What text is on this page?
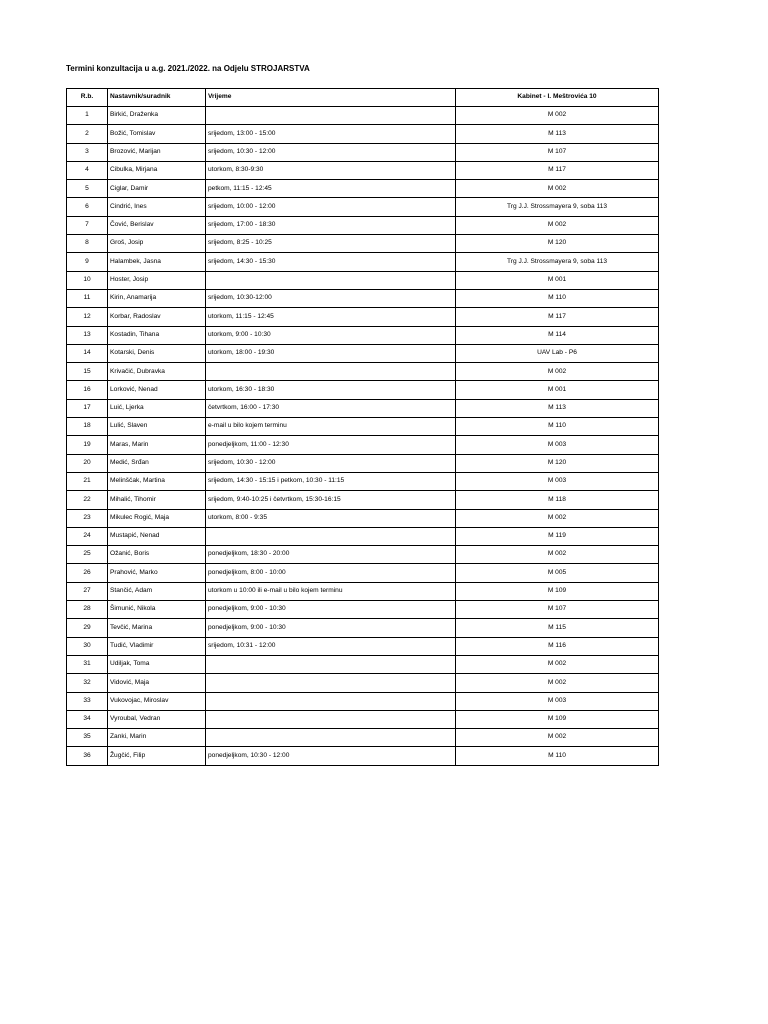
Termini konzultacija u a.g. 2021./2022. na Odjelu STROJARSTVA
R.b.	Nastavnik/suradnik	Vrijeme	Kabinet - I. Meštrovića 10
1	Birkić, Draženka		M 002
2	Božić, Tomislav	srijedom, 13:00 - 15:00	M 113
3	Brozović, Marijan	srijedom, 10:30 - 12:00	M 107
4	Cibulka, Mirjana	utorkom, 8:30-9:30	M 117
5	Ciglar, Damir	petkom, 11:15 - 12:45	M 002
6	Cindrić, Ines	srijedom, 10:00 - 12:00	Trg J.J. Strossmayera 9, soba 113
7	Čović, Berislav	srijedom, 17:00 - 18:30	M 002
8	Groš, Josip	srijedom, 8:25 - 10:25	M 120
9	Halambek, Jasna	srijedom, 14:30 - 15:30	Trg J.J. Strossmayera 9, soba 113
10	Hoster, Josip		M 001
11	Kirin, Anamarija	srijedom, 10:30-12:00	M 110
12	Korbar, Radoslav	utorkom, 11:15 - 12:45	M 117
13	Kostadin, Tihana	utorkom, 9:00 - 10:30	M 114
14	Kotarski, Denis	utorkom, 18:00 - 19:30	UAV Lab - P6
15	Krivačić, Dubravka		M 002
16	Lorković, Nenad	utorkom, 16:30 - 18:30	M 001
17	Luić, Ljerka	četvrtkom, 16:00 - 17:30	M 113
18	Lulić, Slaven	e-mail u bilo kojem terminu	M 110
19	Maras, Marin	ponedjeljkom, 11:00 - 12:30	M 003
20	Medić, Srđan	srijedom, 10:30 - 12:00	M 120
21	Melinščak, Martina	srijedom, 14:30 - 15:15 i petkom, 10:30 - 11:15	M 003
22	Mihalić, Tihomir	srijedom, 9:40-10:25 i četvrtkom, 15:30-16:15	M 118
23	Mikulec Rogić, Maja	utorkom, 8:00 - 9:35	M 002
24	Mustapić, Nenad		M 119
25	Ožanić, Boris	ponedjeljkom, 18:30 - 20:00	M 002
26	Prahović, Marko	ponedjeljkom, 8:00 - 10:00	M 005
27	Stančić, Adam	utorkom u 10:00 ili e-mail u bilo kojem terminu	M 109
28	Šimunić, Nikola	ponedjeljkom, 9:00 - 10:30	M 107
29	Tevčić, Marina	ponedjeljkom, 9:00 - 10:30	M 115
30	Tudić, Vladimir	srijedom, 10:31 - 12:00	M 116
31	Udiljak, Toma		M 002
32	Vidović, Maja		M 002
33	Vukovojac, Miroslav		M 003
34	Vyroubal, Vedran		M 109
35	Zanki, Marin		M 002
36	Žugčić, Filip	ponedjeljkom, 10:30 - 12:00	M 110
